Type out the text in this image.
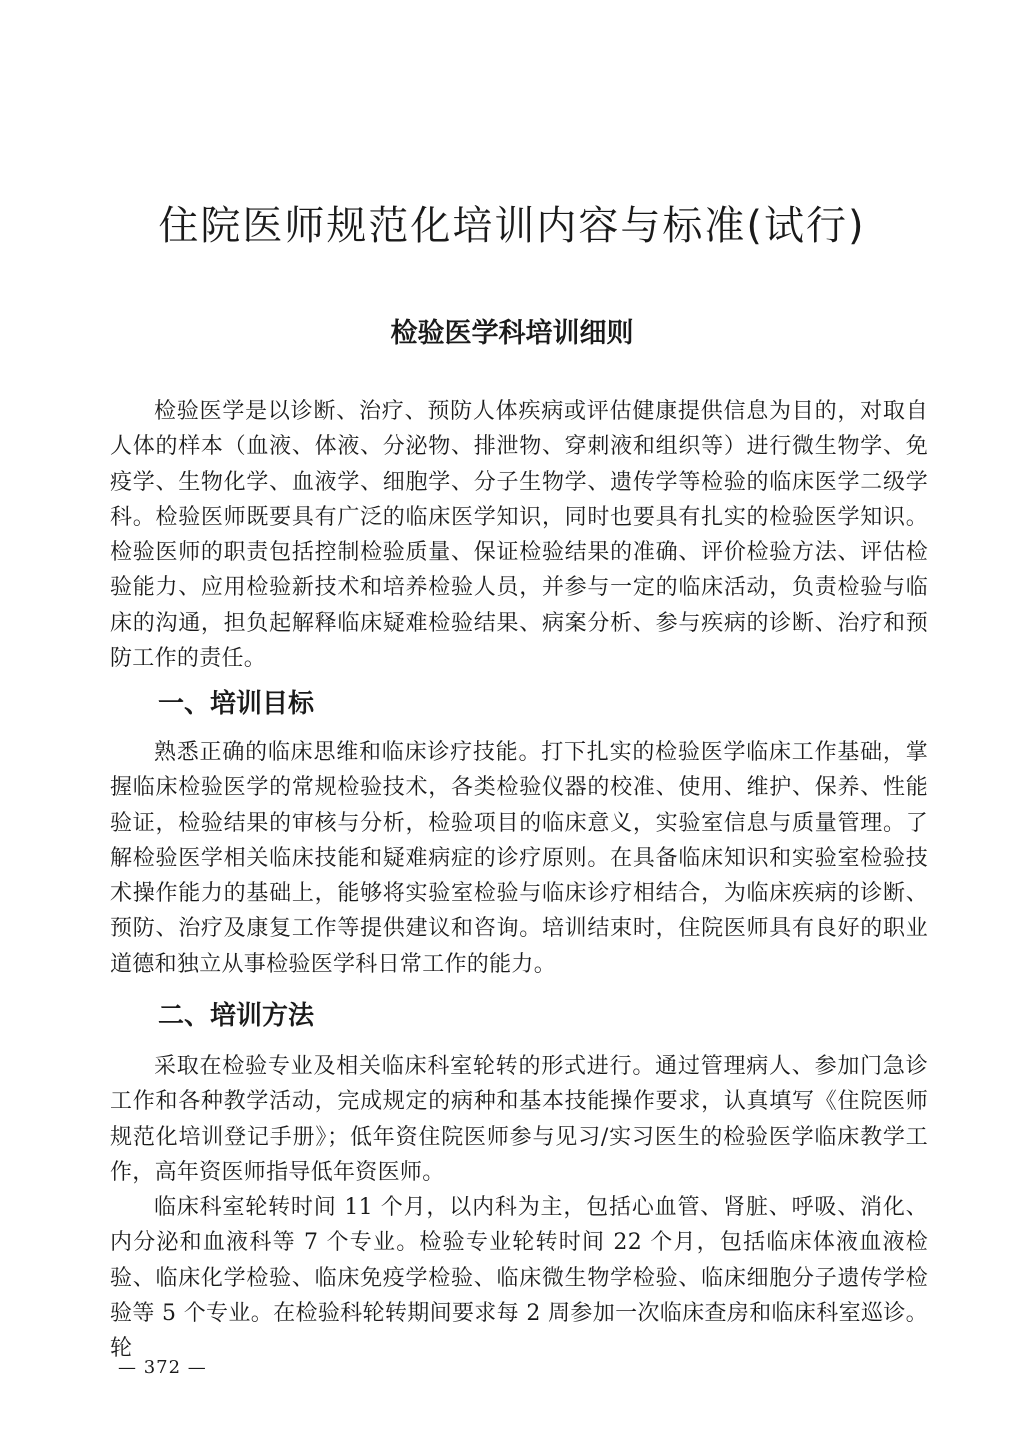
住院医师规范化培训内容与标准(试行)
检验医学科培训细则

检验医学是以诊断、治疗、预防人体疾病或评估健康提供信息为目的，对取自人体的样本（血液、体液、分泌物、排泄物、穿刺液和组织等）进行微生物学、免疫学、生物化学、血液学、细胞学、分子生物学、遗传学等检验的临床医学二级学科。检验医师既要具有广泛的临床医学知识，同时也要具有扎实的检验医学知识。检验医师的职责包括控制检验质量、保证检验结果的准确、评价检验方法、评估检验能力、应用检验新技术和培养检验人员，并参与一定的临床活动，负责检验与临床的沟通，担负起解释临床疑难检验结果、病案分析、参与疾病的诊断、治疗和预防工作的责任。

一、培训目标

熟悉正确的临床思维和临床诊疗技能。打下扎实的检验医学临床工作基础，掌握临床检验医学的常规检验技术，各类检验仪器的校准、使用、维护、保养、性能验证，检验结果的审核与分析，检验项目的临床意义，实验室信息与质量管理。了解检验医学相关临床技能和疑难病症的诊疗原则。在具备临床知识和实验室检验技术操作能力的基础上，能够将实验室检验与临床诊疗相结合，为临床疾病的诊断、预防、治疗及康复工作等提供建议和咨询。培训结束时，住院医师具有良好的职业道德和独立从事检验医学科日常工作的能力。

二、培训方法

采取在检验专业及相关临床科室轮转的形式进行。通过管理病人、参加门急诊工作和各种教学活动，完成规定的病种和基本技能操作要求，认真填写《住院医师规范化培训登记手册》；低年资住院医师参与见习/实习医生的检验医学临床教学工作，高年资医师指导低年资医师。

临床科室轮转时间 11 个月，以内科为主，包括心血管、肾脏、呼吸、消化、内分泌和血液科等 7 个专业。检验专业轮转时间 22 个月，包括临床体液血液检验、临床化学检验、临床免疫学检验、临床微生物学检验、临床细胞分子遗传学检验等 5 个专业。在检验科轮转期间要求每 2 周参加一次临床查房和临床科室巡诊。轮

— 372 —
